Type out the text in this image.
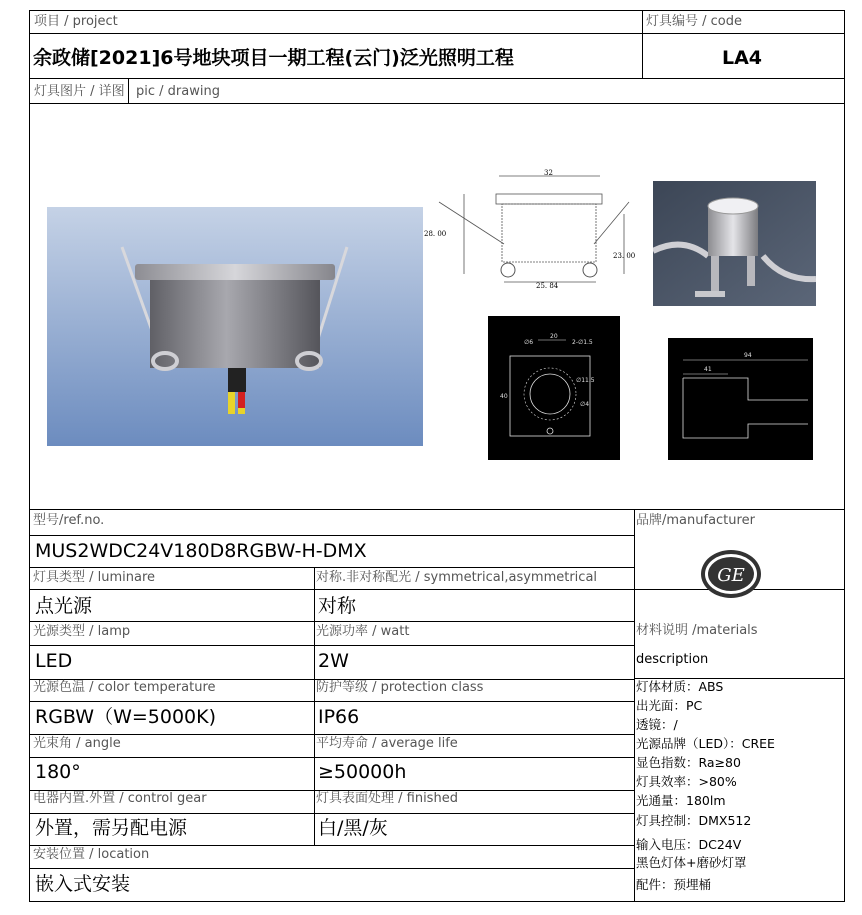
项目 / project	灯具编号 / code
余政储[2021]6号地块项目一期工程(云门)泛光照明工程	LA4
灯具图片 / 详图 pic / drawing
32
28. 00
23. 00
25. 84
20
2-∅1.5
∅11.5
∅4
∅6
40
94
41
型号/ref.no.
MUS2WDC24V180D8RGBW-H-DMX
品牌/manufacturer
GE
灯具类型 / luminare	对称.非对称配光 / symmetrical,asymmetrical
点光源	对称
光源类型 / lamp	光源功率 / watt	材料说明 /materials
LED	2W	description
光源色温 / color temperature	防护等级 / protection class
RGBW（W=5000K)	IP66
光束角 / angle	平均寿命 / average life
180°	≥50000h
电器内置.外置 / control gear	灯具表面处理 / finished
外置，需另配电源	白/黑/灰
安装位置 / location
嵌入式安装
灯体材质：ABS
出光面：PC
透镜：/
光源品牌（LED）：CREE
显色指数：Ra≥80
灯具效率：>80%
光通量：180lm
灯具控制：DMX512
输入电压：DC24V
黑色灯体+磨砂灯罩
配件：预埋桶
